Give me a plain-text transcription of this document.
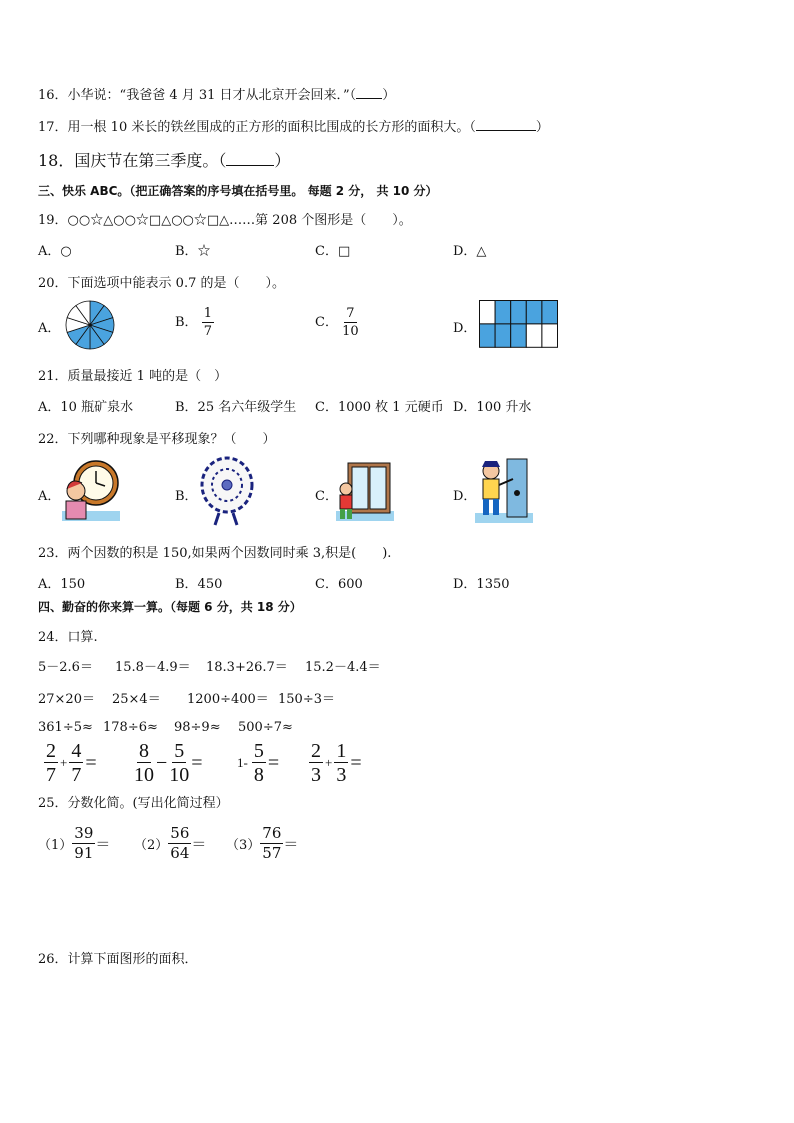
16．小华说：“我爸爸 4 月 31 日才从北京开会回来．”（ ）
17．用一根 10 米长的铁丝围成的正方形的面积比围成的长方形的面积大。（	）
18．国庆节在第三季度。（	）
三、快乐 ABC。（把正确答案的序号填在括号里。 每题 2 分， 共 10 分）
19．○○☆△○○☆□△○○☆□△……第 208 个图形是（　　）。
A．○	B．☆	C．□	D．△
20．下面选项中能表示 0.7 的是（　　）。
A．	B． $\frac{1}{7}$	C． $\frac{7}{10}$	D．
21．质量最接近 1 吨的是（　）
A．10 瓶矿泉水	B．25 名六年级学生 C．1000 枚 1 元硬币 D．100 升水
22．下列哪种现象是平移现象？（　　）
A．	B．	C．	D．
23．两个因数的积是 150,如果两个因数同时乘 3,积是(　　).
A．150	B．450	C．600	D．1350
四、勤奋的你来算一算。（每题 6 分，共 18 分）
24．口算.
5－2.6＝ 15.8－4.9＝ 18.3+26.7＝ 15.2－4.4＝
27×20＝ 25×4＝ 1200÷400＝ 150÷3＝
361÷5≈ 178÷6≈ 98÷9≈ 500÷7≈
$\frac{2}{7} + \frac{4}{7} = \frac{8}{10} - \frac{5}{10}$ =	$1- \frac{5}{8} = \frac{2}{3} + \frac{1}{3}$ =
25．分数化简。(写出化简过程）
$(1) \frac{39}{91} = (2) \frac{56}{64} = (3) \frac{76}{57}$ ＝
26．计算下面图形的面积．
